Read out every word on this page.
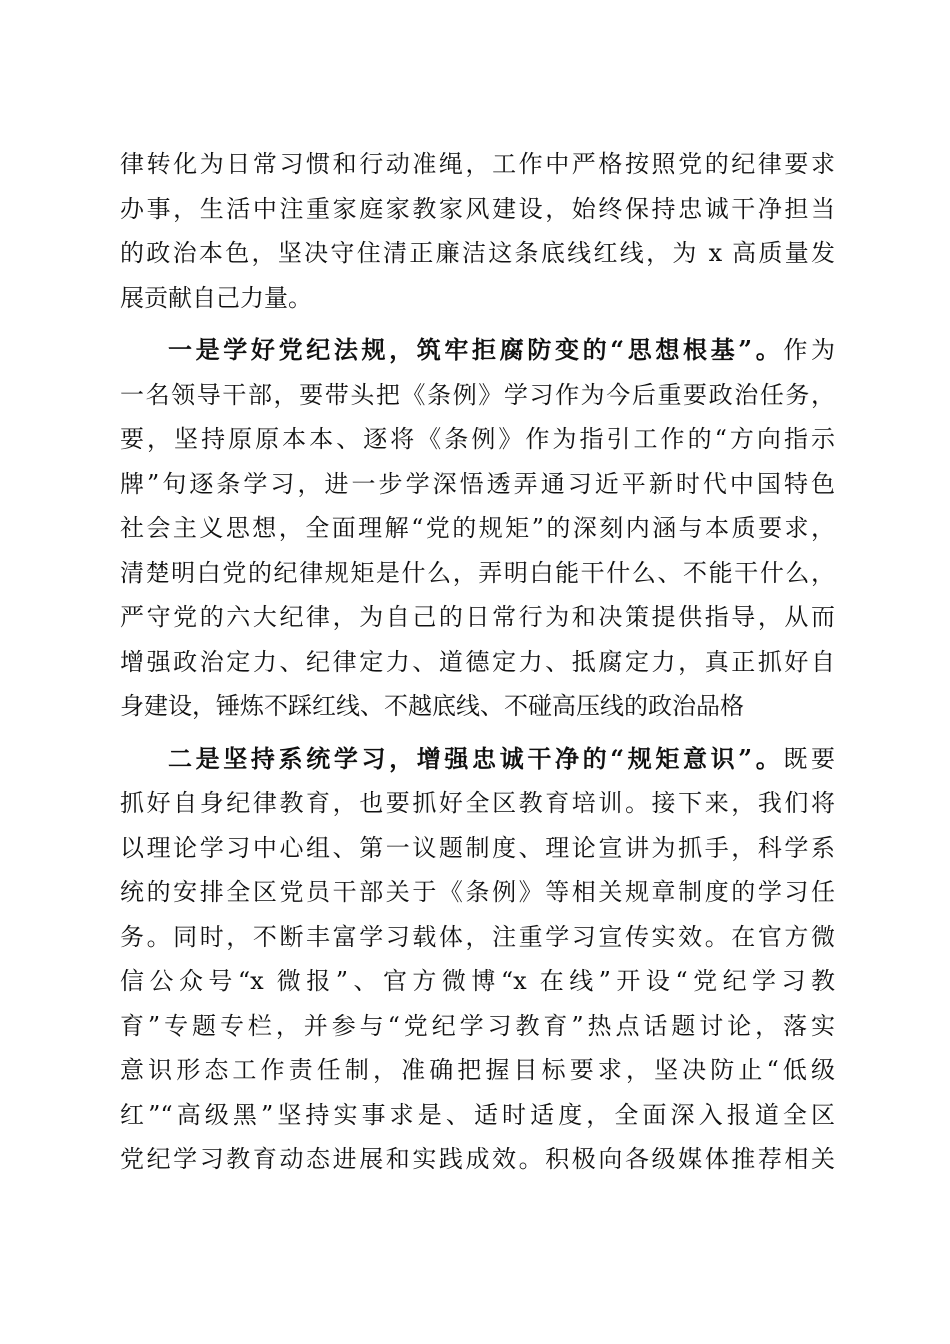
律转化为日常习惯和行动准绳，工作中严格按照党的纪律要求
办事，生活中注重家庭家教家风建设，始终保持忠诚干净担当
的政治本色，坚决守住清正廉洁这条底线红线，为 x 高质量发
展贡献自己力量。
一是学好党纪法规，筑牢拒腐防变的“思想根基”。作为
一名领导干部，要带头把《条例》学习作为今后重要政治任务，
要，坚持原原本本、逐将《条例》作为指引工作的“方向指示
牌”句逐条学习，进一步学深悟透弄通习近平新时代中国特色
社会主义思想，全面理解“党的规矩”的深刻内涵与本质要求，
清楚明白党的纪律规矩是什么，弄明白能干什么、不能干什么，
严守党的六大纪律，为自己的日常行为和决策提供指导，从而
增强政治定力、纪律定力、道德定力、抵腐定力，真正抓好自
身建设，锤炼不踩红线、不越底线、不碰高压线的政治品格
二是坚持系统学习，增强忠诚干净的“规矩意识”。既要
抓好自身纪律教育，也要抓好全区教育培训。接下来，我们将
以理论学习中心组、第一议题制度、理论宣讲为抓手，科学系
统的安排全区党员干部关于《条例》等相关规章制度的学习任
务。同时，不断丰富学习载体，注重学习宣传实效。在官方微
信公众号“x 微报”、官方微博“x 在线”开设“党纪学习教
育”专题专栏，并参与“党纪学习教育”热点话题讨论，落实
意识形态工作责任制，准确把握目标要求，坚决防止“低级
红”“高级黑”坚持实事求是、适时适度，全面深入报道全区
党纪学习教育动态进展和实践成效。积极向各级媒体推荐相关
